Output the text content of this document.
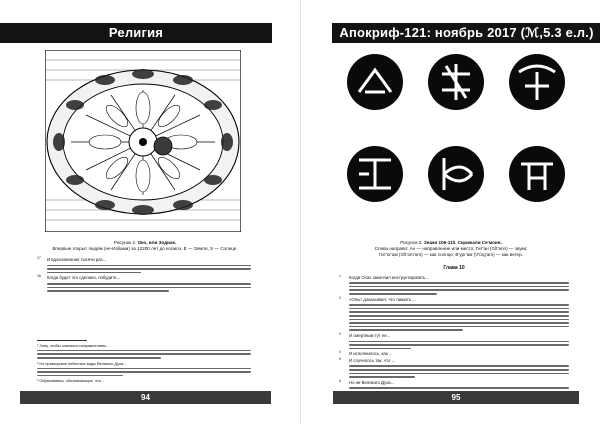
Религия
Рисунок 2. Око, или Зодиак.
Впервые открыт людям (не-Избами) за 12200 лет до космоэ. Е — Земля, S — Солнце.
17 И вдохновенная тысячи раз...
18 Когда будет это сделано, побудите...
¹ Зону, чтобы значился направлением...
² Но приморские небесные воды Великого Духа...
³ Образования, обозначающие, что...
94
Апокриф-121: ноябрь 2017 (ℳ,5.3 е.л.)
Рисунок 3. Знаки 106-110. Скрижали Се'моин.
Слева направо: Ан — направление или место; Гит'ан (Gît'ann) — звуки;
Гит'ог'ам (Gît'om'om) — как солнце; В'ург'ам (V'ûrg'am) — как ветер.
Глава 10
1 Когда Осах закончил инструктировать...
2 «Опыт доказывает, что лишить ...
3 И смертным тут не...
4 И исполнилось, как ...
5 И случилось так, что ...
6 Но ни Великого Духа...
95
